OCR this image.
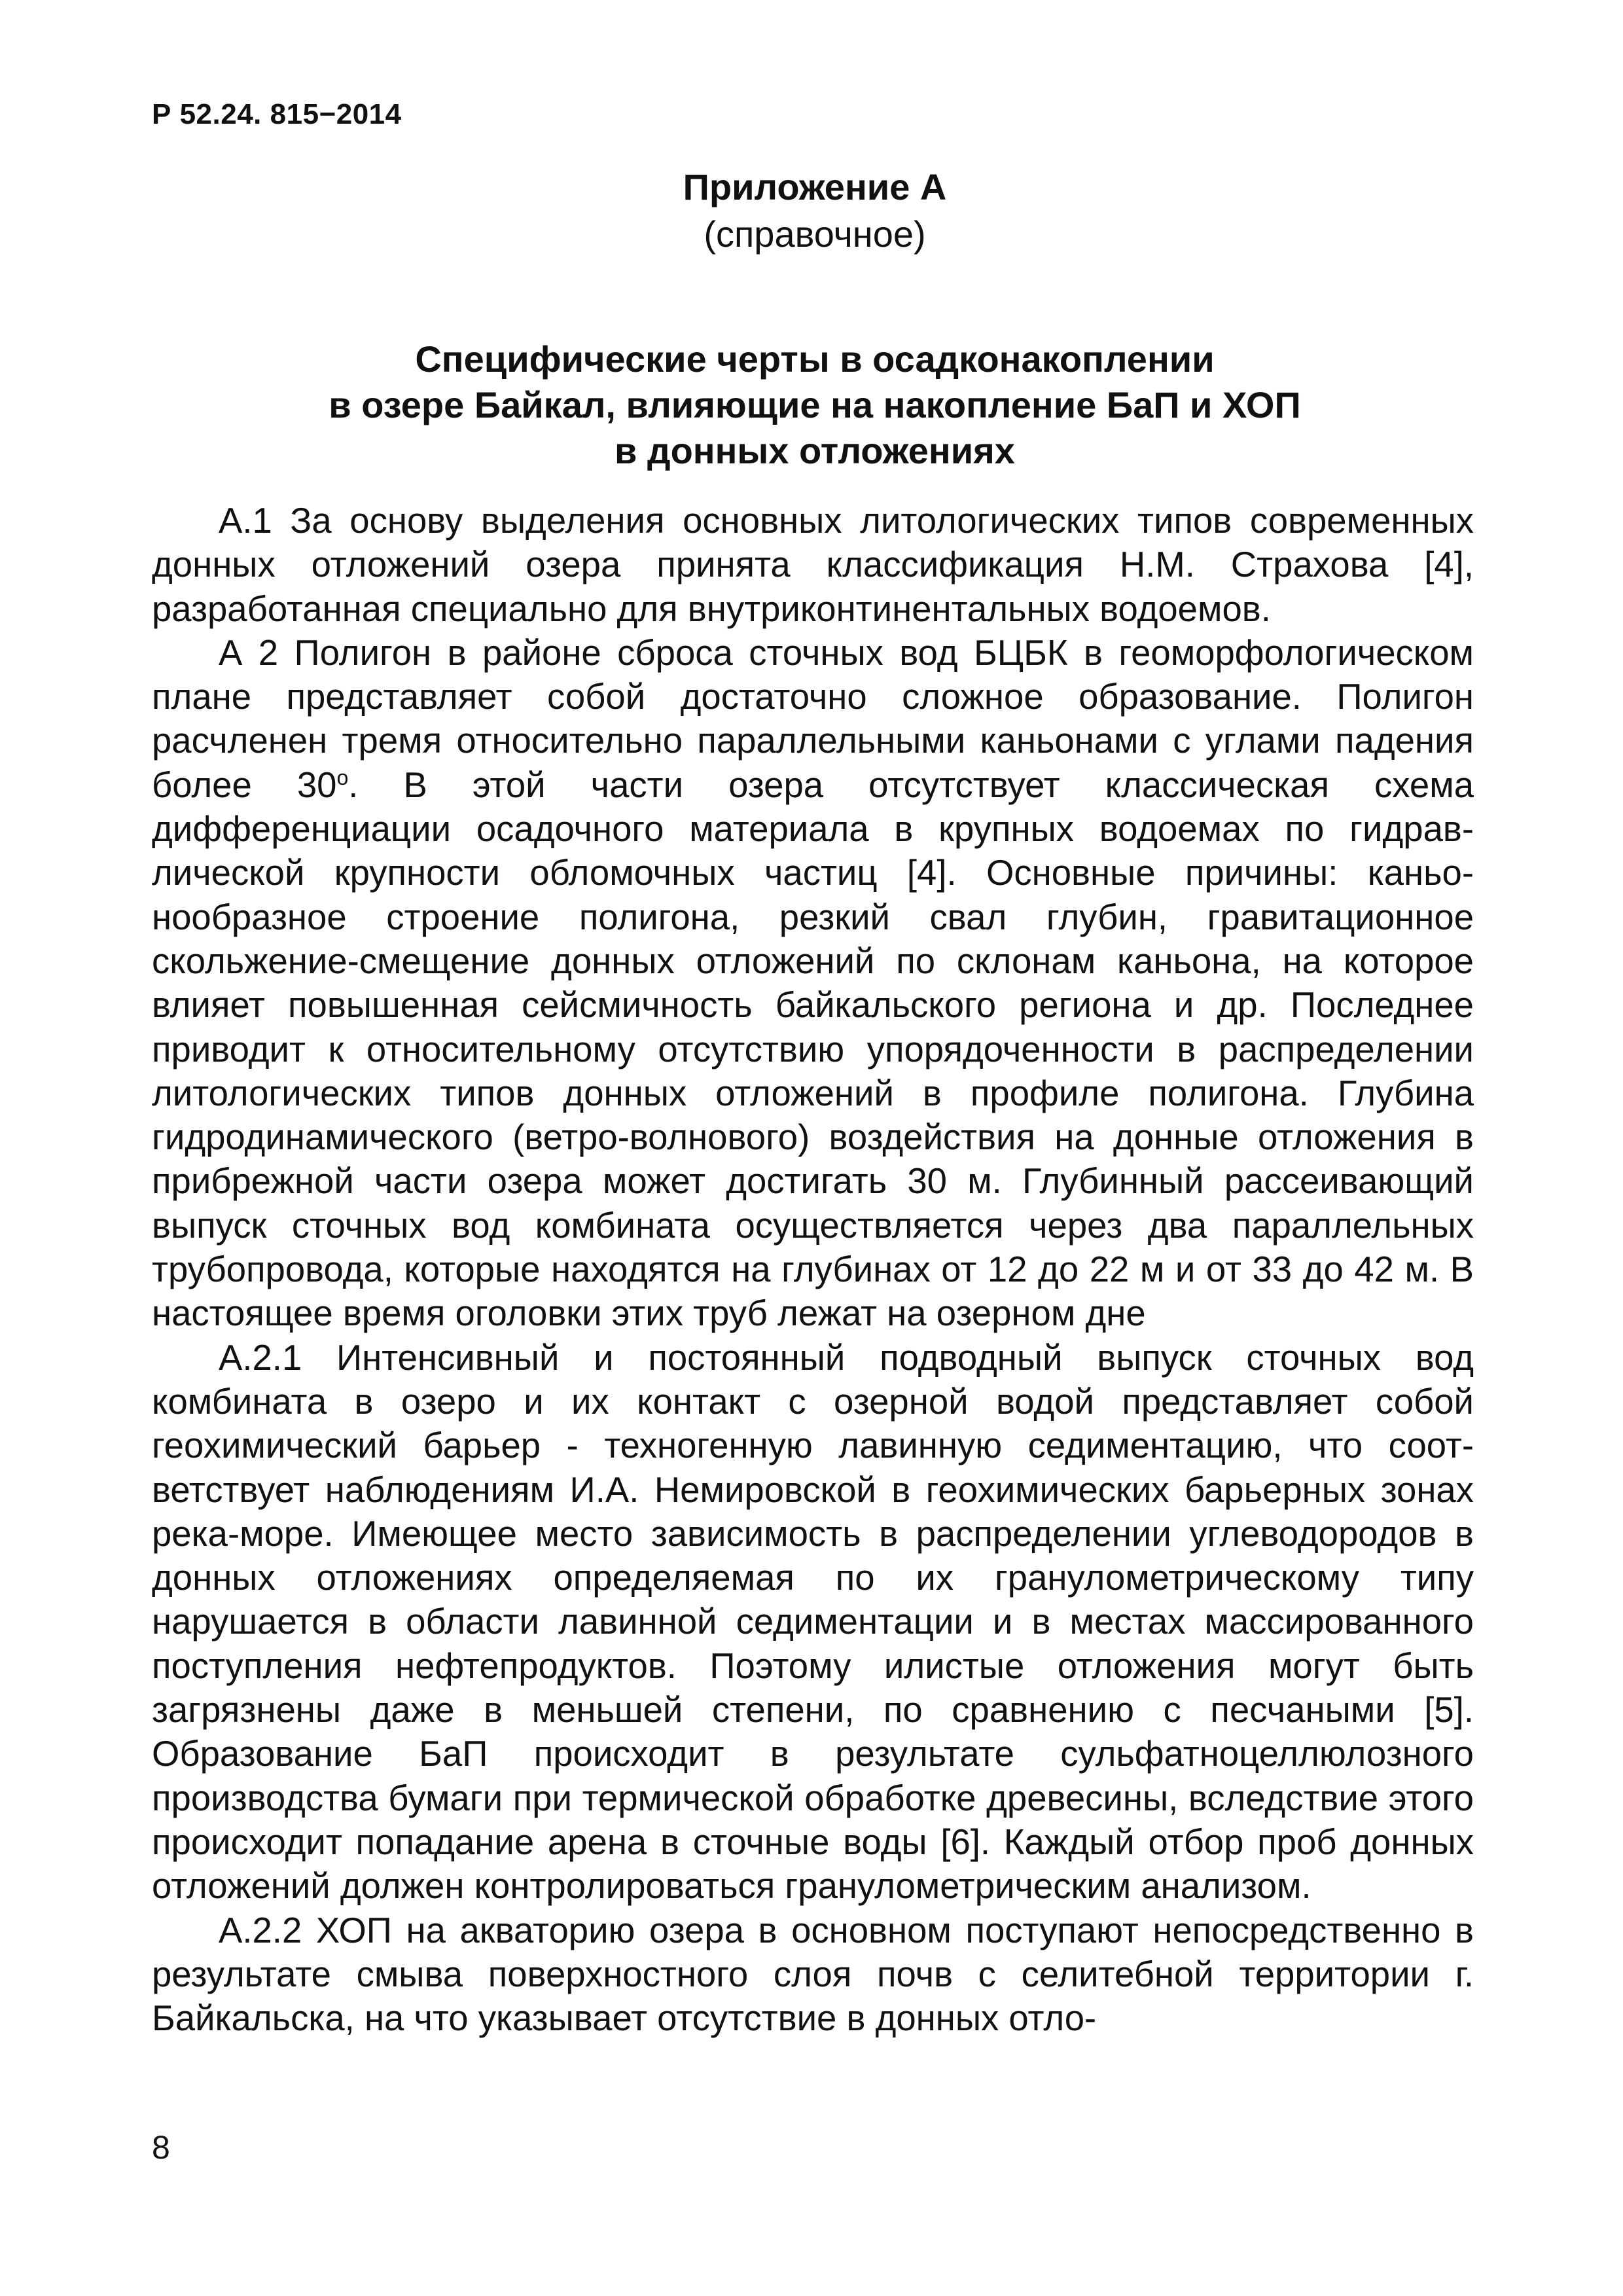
Р 52.24. 815−2014
Приложение А
(справочное)
Специфические черты в осадконакоплении
в озере Байкал, влияющие на накопление БаП и ХОП
в донных отложениях

А.1 За основу выделения основных литологических типов современных донных отложений озера принята классификация Н.М. Страхова [4], разработанная специально для внутриконтинентальных водоемов.

А 2 Полигон в районе сброса сточных вод БЦБК в геоморфологическом плане представляет собой достаточно сложное образование. Полигон расчленен тремя относительно параллельными каньонами с углами падения более 30$^o$. В этой части озера отсутствует классическая схема дифференциации осадочного материала в крупных водоемах по гидравлической крупности обломочных частиц [4]. Основные причины: каньонообразное строение полигона, резкий свал глубин, гравитационное скольжение-смещение донных отложений по склонам каньона, на которое влияет повышенная сейсмичность байкальского региона и др. Последнее приводит к относительному отсутствию упорядоченности в распределении литологических типов донных отложений в профиле полигона. Глубина гидродинамического (ветро-волнового) воздействия на донные отложения в прибрежной части озера может достигать 30 м. Глубинный рассеивающий выпуск сточных вод комбината осуществляется через два параллельных трубопровода, которые находятся на глубинах от 12 до 22 м и от 33 до 42 м. В настоящее время оголовки этих труб лежат на озерном дне

А.2.1 Интенсивный и постоянный подводный выпуск сточных вод комбината в озеро и их контакт с озерной водой представляет собой геохимический барьер - техногенную лавинную седиментацию, что соответствует наблюдениям И.А. Немировской в геохимических барьерных зонах река-море. Имеющее место зависимость в распределении углеводородов в донных отложениях определяемая по их гранулометрическому типу нарушается в области лавинной седиментации и в местах массированного поступления нефтепродуктов. Поэтому илистые отложения могут быть загрязнены даже в меньшей степени, по сравнению с песчаными [5]. Образование БаП происходит в результате сульфатноцеллюлозного производства бумаги при термической обработке древесины, вследствие этого происходит попадание арена в сточные воды [6]. Каждый отбор проб донных отложений должен контролироваться гранулометрическим анализом.

А.2.2 ХОП на акваторию озера в основном поступают непосредственно в результате смыва поверхностного слоя почв с селитебной территории г. Байкальска, на что указывает отсутствие в донных отло-

8
